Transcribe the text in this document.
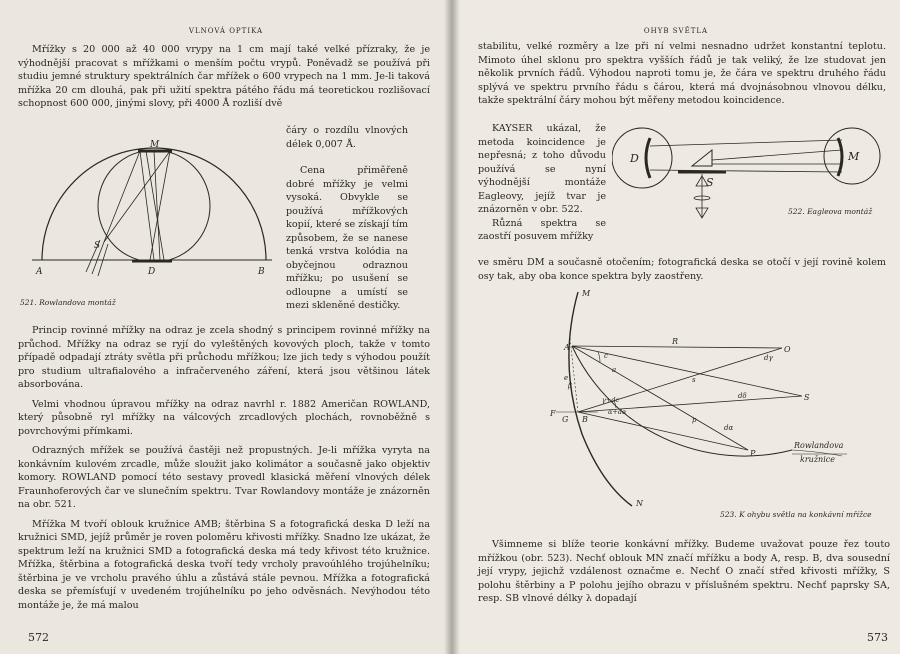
VLNOVÁ OPTIKA

Mřížky s 20 000 až 40 000 vrypy na 1 cm mají také velké přízraky, že je výhodnější pracovat s mřížkami o menším počtu vrypů. Poněvadž se používá při studiu jemné struktury spektrálních čar mřížek o 600 vrypech na 1 mm. Je-li taková mřížka 20 cm dlouhá, pak při užití spektra pátého řádu má teoretickou rozlišovací schopnost 600 000, jinými slovy, při 4000 Å rozliší dvě

čáry o rozdílu vlnových délek 0,007 Å.

M
S
A	D	B
521. Rowlandova montáž

Cena přiměřeně dobré mřížky je velmi vysoká. Obvykle se používá mřížkových kopií, které se získají tím způsobem, že se nanese tenká vrstva kolódia na obyčejnou odraznou mřížku; po usušení se odloupne a umístí se mezi skleněné destičky.

Princip rovinné mřížky na odraz je zcela shodný s principem rovinné mřížky na průchod. Mřížky na odraz se ryjí do vyleštěných kovových ploch, takže v tomto případě odpadají ztráty světla při průchodu mřížkou; lze jich tedy s výhodou použít pro studium ultrafialového a infračerveného záření, která jsou většinou látek absorbována.

Velmi vhodnou úpravou mřížky na odraz navrhl r. 1882 Američan ROWLAND, který působně ryl mřížky na válcových zrcadlových plochách, rovnoběžně s povrchovými přímkami.

Odrazných mřížek se používá častěji než propustných. Je-li mřížka vyryta na konkávním kulovém zrcadle, může sloužit jako kolimátor a současně jako objektiv komory. ROWLAND pomocí této sestavy provedl klasická měření vlnových délek Fraunhoferových čar ve slunečním spektru. Tvar Rowlandovy montáže je znázorněn na obr. 521.

Mřížka M tvoří oblouk kružnice AMB; štěrbina S a fotografická deska D leží na kružnici SMD, jejíž průměr je roven poloměru křivosti mřížky. Snadno lze ukázat, že spektrum leží na kružnici SMD a fotografická deska má tedy křivost této kružnice. Mřížka, štěrbina a fotografická deska tvoří tedy vrcholy pravoúhlého trojúhelníku; štěrbina je ve vrcholu pravého úhlu a zůstává stále pevnou. Mřížka a fotografická deska se přemísťují v uvedeném trojúhelníku po jeho odvěsnách. Nevýhodou této montáže je, že má malou

572
OHYB SVĚTLA

stabilitu, velké rozměry a lze při ní velmi nesnadno udržet konstantní teplotu. Mimoto úhel sklonu pro spektra vyšších řádů je tak veliký, že lze studovat jen několik prvních řádů. Výhodou naproti tomu je, že čára ve spektru druhého řádu splývá ve spektru prvního řádu s čárou, která má dvojnásobnou vlnovou délku, takže spektrální čáry mohou být měřeny metodou koincidence.

KAYSER ukázal, že metoda koincidence je nepřesná; z toho důvodu používá se nyní výhodnější montáže Eagleovy, jejíž tvar je znázorněn v obr. 522.

Různá spektra se zaostří posuvem mřížky

D
S
M
522. Eagleova montáž

ve směru DM a současně otočením; fotografická deska se otočí v její rovině kolem osy tak, aby oba konce spektra byly zaostřeny.

M
N
A
B
F
G
R
O
S
P
c
a
dγ
s
dδ
p
dα
γ+dc
α+dα
β
e
Rowlandova
kružnice
523. K ohybu světla na konkávní mřížce

Všimneme si blíže teorie konkávní mřížky. Budeme uvažovat pouze řez touto mřížkou (obr. 523). Nechť oblouk MN značí mřížku a body A, resp. B, dva sousední její vrypy, jejichž vzdálenost označme e. Nechť O značí střed křivosti mřížky, S polohu štěrbiny a P polohu jejího obrazu v příslušném spektru. Nechť paprsky SA, resp. SB vlnové délky λ dopadají

573
